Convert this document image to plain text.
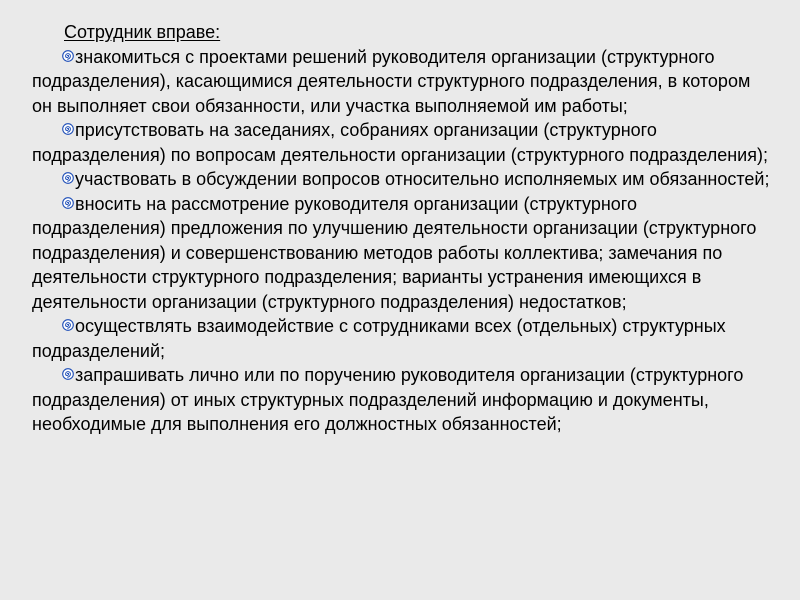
Сотрудник вправе:
знакомиться с проектами решений руководителя организации (структурного подразделения), касающимися деятельности структурного подразделения, в котором он выполняет свои обязанности, или участка выполняемой им работы;
присутствовать на заседаниях, собраниях организации (структурного подразделения) по вопросам деятельности организации (структурного подразделения);
участвовать в обсуждении вопросов относительно исполняемых им обязанностей;
вносить на рассмотрение руководителя организации (структурного подразделения) предложения по улучшению деятельности организации (структурного подразделения) и совершенствованию методов работы коллектива; замечания по деятельности структурного подразделения; варианты устранения имеющихся в деятельности организации (структурного подразделения) недостатков;
осуществлять взаимодействие с сотрудниками всех (отдельных) структурных подразделений;
запрашивать лично или по поручению руководителя организации (структурного подразделения) от иных структурных подразделений информацию и документы, необходимые для выполнения его должностных обязанностей;
